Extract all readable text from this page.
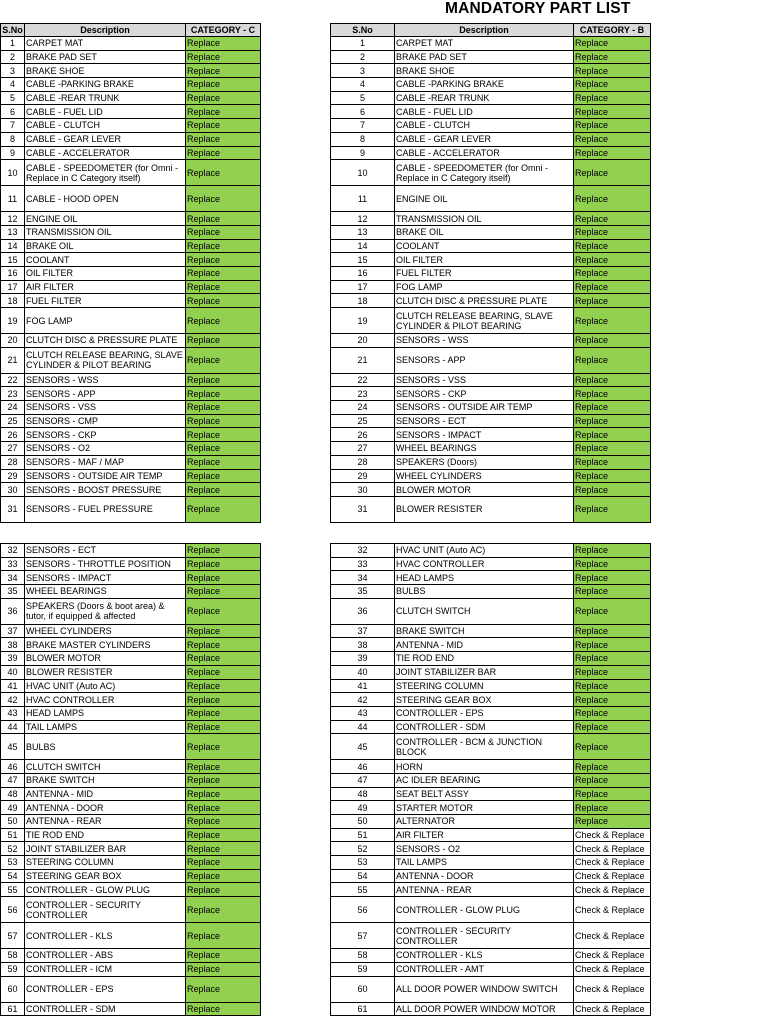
MANDATORY PART LIST
S.No	Description	CATEGORY - C
1	CARPET MAT	Replace
2	BRAKE PAD SET	Replace
3	BRAKE SHOE	Replace
4	CABLE -PARKING BRAKE	Replace
5	CABLE -REAR TRUNK	Replace
6	CABLE - FUEL LID	Replace
7	CABLE - CLUTCH	Replace
8	CABLE - GEAR LEVER	Replace
9	CABLE - ACCELERATOR	Replace
10	CABLE - SPEEDOMETER (for Omni - Replace in C Category itself)	Replace
11	CABLE - HOOD OPEN	Replace
12	ENGINE OIL	Replace
13	TRANSMISSION OIL	Replace
14	BRAKE OIL	Replace
15	COOLANT	Replace
16	OIL FILTER	Replace
17	AIR FILTER	Replace
18	FUEL FILTER	Replace
19	FOG LAMP	Replace
20	CLUTCH DISC & PRESSURE PLATE	Replace
21	CLUTCH RELEASE BEARING, SLAVE CYLINDER & PILOT BEARING	Replace
22	SENSORS - WSS	Replace
23	SENSORS - APP	Replace
24	SENSORS - VSS	Replace
25	SENSORS - CMP	Replace
26	SENSORS - CKP	Replace
27	SENSORS - O2	Replace
28	SENSORS - MAF / MAP	Replace
29	SENSORS - OUTSIDE AIR TEMP	Replace
30	SENSORS - BOOST PRESSURE	Replace
31	SENSORS - FUEL PRESSURE	Replace
S.No	Description	CATEGORY - B
1	CARPET MAT	Replace
2	BRAKE PAD SET	Replace
3	BRAKE SHOE	Replace
4	CABLE -PARKING BRAKE	Replace
5	CABLE -REAR TRUNK	Replace
6	CABLE - FUEL LID	Replace
7	CABLE - CLUTCH	Replace
8	CABLE - GEAR LEVER	Replace
9	CABLE - ACCELERATOR	Replace
10	CABLE - SPEEDOMETER (for Omni - Replace in C Category itself)	Replace
11	ENGINE OIL	Replace
12	TRANSMISSION OIL	Replace
13	BRAKE OIL	Replace
14	COOLANT	Replace
15	OIL FILTER	Replace
16	FUEL FILTER	Replace
17	FOG LAMP	Replace
18	CLUTCH DISC & PRESSURE PLATE	Replace
19	CLUTCH RELEASE BEARING, SLAVE CYLINDER & PILOT BEARING	Replace
20	SENSORS - WSS	Replace
21	SENSORS - APP	Replace
22	SENSORS - VSS	Replace
23	SENSORS - CKP	Replace
24	SENSORS - OUTSIDE AIR TEMP	Replace
25	SENSORS - ECT	Replace
26	SENSORS - IMPACT	Replace
27	WHEEL BEARINGS	Replace
28	SPEAKERS (Doors)	Replace
29	WHEEL CYLINDERS	Replace
30	BLOWER MOTOR	Replace
31	BLOWER RESISTER	Replace
32	SENSORS - ECT	Replace
33	SENSORS - THROTTLE POSITION	Replace
34	SENSORS - IMPACT	Replace
35	WHEEL BEARINGS	Replace
36	SPEAKERS (Doors & boot area) & tutor, if equipped & affected	Replace
37	WHEEL CYLINDERS	Replace
38	BRAKE MASTER CYLINDERS	Replace
39	BLOWER MOTOR	Replace
40	BLOWER RESISTER	Replace
41	HVAC UNIT (Auto AC)	Replace
42	HVAC CONTROLLER	Replace
43	HEAD LAMPS	Replace
44	TAIL LAMPS	Replace
45	BULBS	Replace
46	CLUTCH SWITCH	Replace
47	BRAKE SWITCH	Replace
48	ANTENNA - MID	Replace
49	ANTENNA - DOOR	Replace
50	ANTENNA - REAR	Replace
51	TIE ROD END	Replace
52	JOINT STABILIZER BAR	Replace
53	STEERING COLUMN	Replace
54	STEERING GEAR BOX	Replace
55	CONTROLLER - GLOW PLUG	Replace
56	CONTROLLER - SECURITY CONTROLLER	Replace
57	CONTROLLER - KLS	Replace
58	CONTROLLER - ABS	Replace
59	CONTROLLER - ICM	Replace
60	CONTROLLER - EPS	Replace
61	CONTROLLER - SDM	Replace
32	HVAC UNIT (Auto AC)	Replace
33	HVAC CONTROLLER	Replace
34	HEAD LAMPS	Replace
35	BULBS	Replace
36	CLUTCH SWITCH	Replace
37	BRAKE SWITCH	Replace
38	ANTENNA - MID	Replace
39	TIE ROD END	Replace
40	JOINT STABILIZER BAR	Replace
41	STEERING COLUMN	Replace
42	STEERING GEAR BOX	Replace
43	CONTROLLER - EPS	Replace
44	CONTROLLER - SDM	Replace
45	CONTROLLER - BCM & JUNCTION BLOCK	Replace
46	HORN	Replace
47	AC IDLER BEARING	Replace
48	SEAT BELT ASSY	Replace
49	STARTER MOTOR	Replace
50	ALTERNATOR	Replace
51	AIR FILTER	Check & Replace
52	SENSORS - O2	Check & Replace
53	TAIL LAMPS	Check & Replace
54	ANTENNA - DOOR	Check & Replace
55	ANTENNA - REAR	Check & Replace
56	CONTROLLER - GLOW PLUG	Check & Replace
57	CONTROLLER - SECURITY CONTROLLER	Check & Replace
58	CONTROLLER - KLS	Check & Replace
59	CONTROLLER - AMT	Check & Replace
60	ALL DOOR POWER WINDOW SWITCH	Check & Replace
61	ALL DOOR POWER WINDOW MOTOR	Check & Replace
